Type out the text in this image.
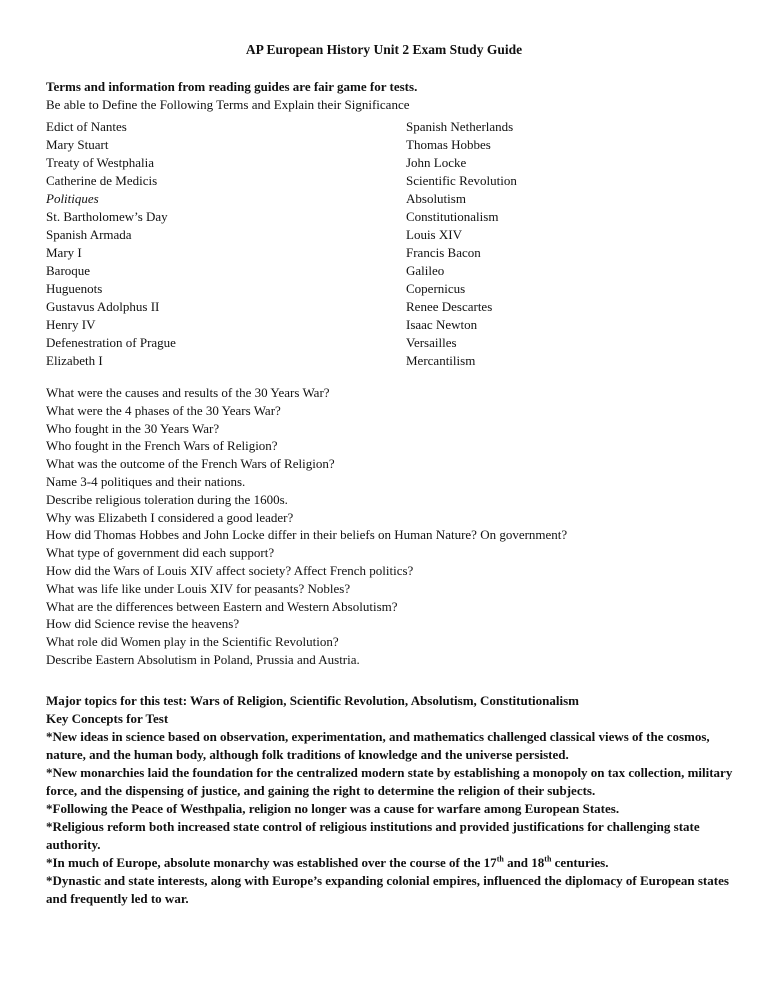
AP European History Unit 2 Exam Study Guide
Terms and information from reading guides are fair game for tests.
Be able to Define the Following Terms and Explain their Significance
Edict of Nantes
Mary Stuart
Treaty of Westphalia
Catherine de Medicis
Politiques
St. Bartholomew’s Day
Spanish Armada
Mary I
Baroque
Huguenots
Gustavus Adolphus II
Henry IV
Defenestration of Prague
Elizabeth I
Spanish Netherlands
Thomas Hobbes
John Locke
Scientific Revolution
Absolutism
Constitutionalism
Louis XIV
Francis Bacon
Galileo
Copernicus
Renee Descartes
Isaac Newton
Versailles
Mercantilism
What were the causes and results of the 30 Years War?
What were the 4 phases of the 30 Years War?
Who fought in the 30 Years War?
Who fought in the French Wars of Religion?
What was the outcome of the French Wars of Religion?
Name 3-4 politiques and their nations.
Describe religious toleration during the 1600s.
Why was Elizabeth I considered a good leader?
How did Thomas Hobbes and John Locke differ in their beliefs on Human Nature? On government?
What type of government did each support?
How did the Wars of Louis XIV affect society? Affect French politics?
What was life like under Louis XIV for peasants? Nobles?
What are the differences between Eastern and Western Absolutism?
How did Science revise the heavens?
What role did Women play in the Scientific Revolution?
Describe Eastern Absolutism in Poland, Prussia and Austria.
Major topics for this test: Wars of Religion, Scientific Revolution, Absolutism, Constitutionalism
Key Concepts for Test

*New ideas in science based on observation, experimentation, and mathematics challenged classical views of the cosmos, nature, and the human body, although folk traditions of knowledge and the universe persisted.

*New monarchies laid the foundation for the centralized modern state by establishing a monopoly on tax collection, military force, and the dispensing of justice, and gaining the right to determine the religion of their subjects.

*Following the Peace of Westhpalia, religion no longer was a cause for warfare among European States.

*Religious reform both increased state control of religious institutions and provided justifications for challenging state authority.

*In much of Europe, absolute monarchy was established over the course of the 17th and 18th centuries.

*Dynastic and state interests, along with Europe’s expanding colonial empires, influenced the diplomacy of European states and frequently led to war.
